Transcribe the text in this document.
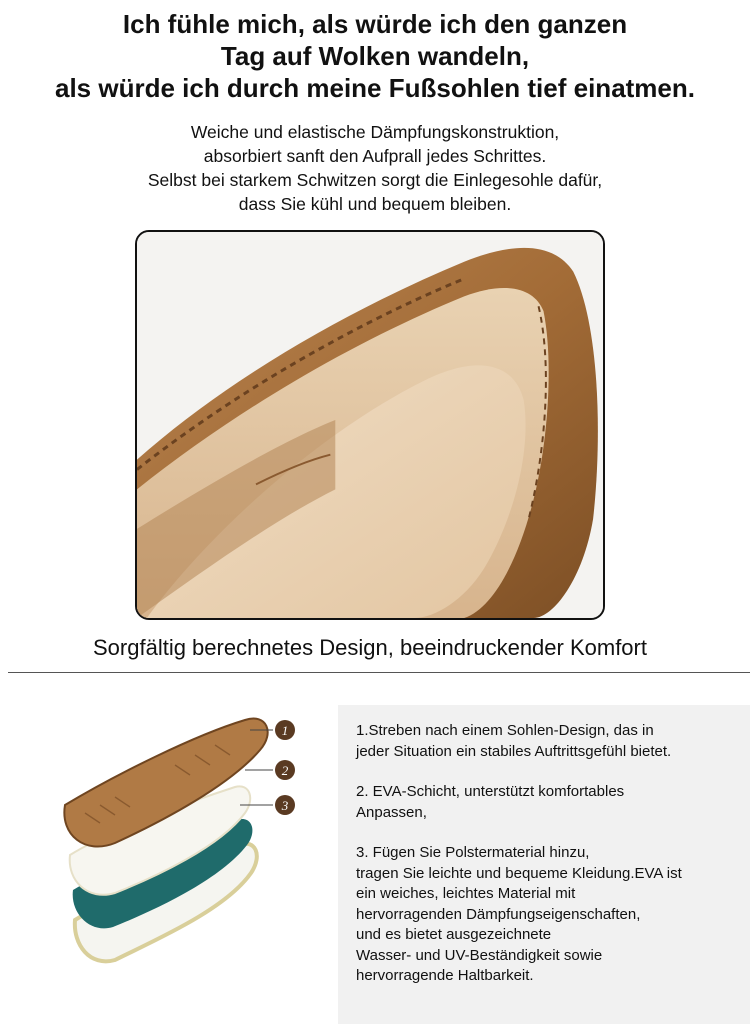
Ich fühle mich, als würde ich den ganzen
Tag auf Wolken wandeln,
als würde ich durch meine Fußsohlen tief einatmen.
Weiche und elastische Dämpfungskonstruktion,
absorbiert sanft den Aufprall jedes Schrittes.
Selbst bei starkem Schwitzen sorgt die Einlegesohle dafür,
dass Sie kühl und bequem bleiben.
Sorgfältig berechnetes Design, beeindruckender Komfort
1
2
3
1.Streben nach einem Sohlen-Design, das in
jeder Situation ein stabiles Auftrittsgefühl bietet.
2. EVA-Schicht, unterstützt komfortables
Anpassen,
3. Fügen Sie Polstermaterial hinzu,
tragen Sie leichte und bequeme Kleidung.EVA ist
ein weiches, leichtes Material mit
hervorragenden Dämpfungseigenschaften,
und es bietet ausgezeichnete
Wasser- und UV-Beständigkeit sowie
hervorragende Haltbarkeit.
